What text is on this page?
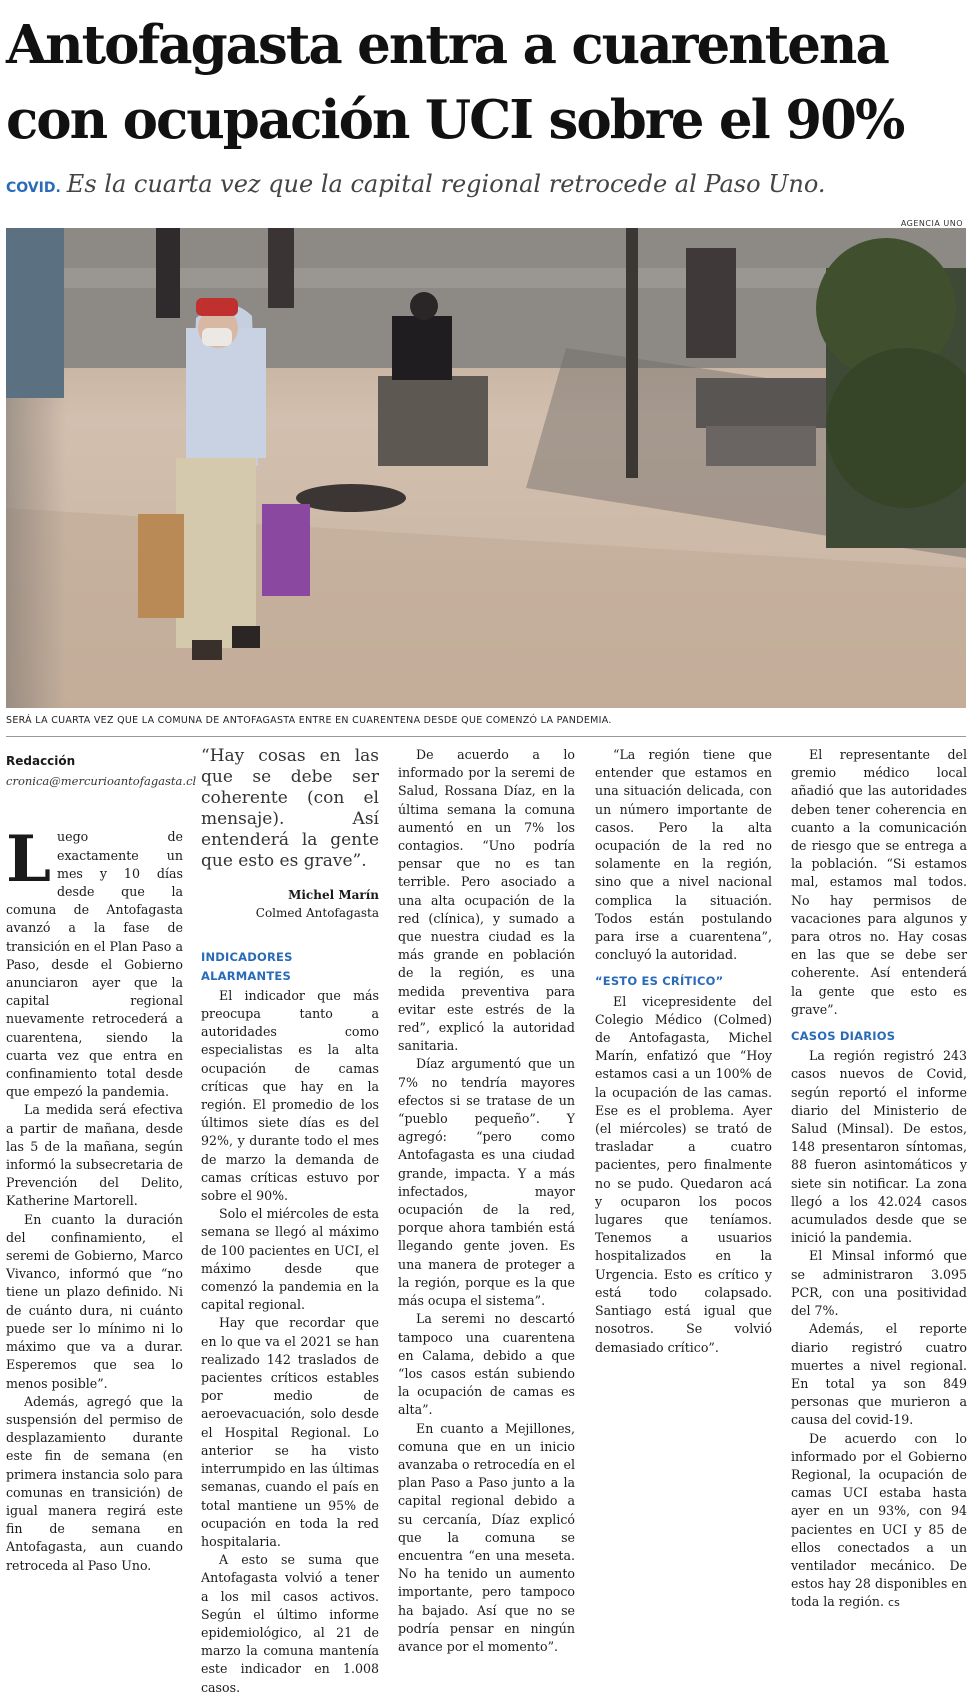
Antofagasta entra a cuarentena con ocupación UCI sobre el 90%
COVID. Es la cuarta vez que la capital regional retrocede al Paso Uno.
AGENCIA UNO
SERÁ LA CUARTA VEZ QUE LA COMUNA DE ANTOFAGASTA ENTRE EN CUARENTENA DESDE QUE COMENZÓ LA PANDEMIA.
Redacción
cronica@mercurioantofagasta.cl

Luego de exactamente un mes y 10 días desde que la comuna de Antofagasta avanzó a la fase de transición en el Plan Paso a Paso, desde el Gobierno anunciaron ayer que la capital regional nuevamente retrocederá a cuarentena, siendo la cuarta vez que entra en confinamiento total desde que empezó la pandemia.

La medida será efectiva a partir de mañana, desde las 5 de la mañana, según informó la subsecretaria de Prevención del Delito, Katherine Martorell.

En cuanto la duración del confinamiento, el seremi de Gobierno, Marco Vivanco, informó que “no tiene un plazo definido. Ni de cuánto dura, ni cuánto puede ser lo mínimo ni lo máximo que va a durar. Esperemos que sea lo menos posible”.

Además, agregó que la suspensión del permiso de desplazamiento durante este fin de semana (en primera instancia solo para comunas en transición) de igual manera regirá este fin de semana en Antofagasta, aun cuando retroceda al Paso Uno.

“Hay cosas en las que se debe ser coherente (con el mensaje). Así entenderá la gente que esto es grave”.
Michel Marín
Colmed Antofagasta
INDICADORES ALARMANTES

El indicador que más preocupa tanto a autoridades como especialistas es la alta ocupación de camas críticas que hay en la región. El promedio de los últimos siete días es del 92%, y durante todo el mes de marzo la demanda de camas críticas estuvo por sobre el 90%.

Solo el miércoles de esta semana se llegó al máximo de 100 pacientes en UCI, el máximo desde que comenzó la pandemia en la capital regional.

Hay que recordar que en lo que va el 2021 se han realizado 142 traslados de pacientes críticos estables por medio de aeroevacuación, solo desde el Hospital Regional. Lo anterior se ha visto interrumpido en las últimas semanas, cuando el país en total mantiene un 95% de ocupación en toda la red hospitalaria.

A esto se suma que Antofagasta volvió a tener a los mil casos activos. Según el último informe epidemiológico, al 21 de marzo la comuna mantenía este indicador en 1.008 casos.

De acuerdo a lo informado por la seremi de Salud, Rossana Díaz, en la última semana la comuna aumentó en un 7% los contagios. “Uno podría pensar que no es tan terrible. Pero asociado a una alta ocupación de la red (clínica), y sumado a que nuestra ciudad es la más grande en población de la región, es una medida preventiva para evitar este estrés de la red”, explicó la autoridad sanitaria.

Díaz argumentó que un 7% no tendría mayores efectos si se tratase de un “pueblo pequeño”. Y agregó: “pero como Antofagasta es una ciudad grande, impacta. Y a más infectados, mayor ocupación de la red, porque ahora también está llegando gente joven. Es una manera de proteger a la región, porque es la que más ocupa el sistema”.

La seremi no descartó tampoco una cuarentena en Calama, debido a que “los casos están subiendo la ocupación de camas es alta”.

En cuanto a Mejillones, comuna que en un inicio avanzaba o retrocedía en el plan Paso a Paso junto a la capital regional debido a su cercanía, Díaz explicó que la comuna se encuentra “en una meseta. No ha tenido un aumento importante, pero tampoco ha bajado. Así que no se podría pensar en ningún avance por el momento”.

“La región tiene que entender que estamos en una situación delicada, con un número importante de casos. Pero la alta ocupación de la red no solamente en la región, sino que a nivel nacional complica la situación. Todos están postulando para irse a cuarentena”, concluyó la autoridad.

“ESTO ES CRÍTICO”

El vicepresidente del Colegio Médico (Colmed) de Antofagasta, Michel Marín, enfatizó que “Hoy estamos casi a un 100% de la ocupación de las camas. Ese es el problema. Ayer (el miércoles) se trató de trasladar a cuatro pacientes, pero finalmente no se pudo. Quedaron acá y ocuparon los pocos lugares que teníamos. Tenemos a usuarios hospitalizados en la Urgencia. Esto es crítico y está todo colapsado. Santiago está igual que nosotros. Se volvió demasiado crítico”.

El representante del gremio médico local añadió que las autoridades deben tener coherencia en cuanto a la comunicación de riesgo que se entrega a la población. “Si estamos mal, estamos mal todos. No hay permisos de vacaciones para algunos y para otros no. Hay cosas en las que se debe ser coherente. Así entenderá la gente que esto es grave”.

CASOS DIARIOS

La región registró 243 casos nuevos de Covid, según reportó el informe diario del Ministerio de Salud (Minsal). De estos, 148 presentaron síntomas, 88 fueron asintomáticos y siete sin notificar. La zona llegó a los 42.024 casos acumulados desde que se inició la pandemia.

El Minsal informó que se administraron 3.095 PCR, con una positividad del 7%.

Además, el reporte diario registró cuatro muertes a nivel regional. En total ya son 849 personas que murieron a causa del covid-19.

De acuerdo con lo informado por el Gobierno Regional, la ocupación de camas UCI estaba hasta ayer en un 93%, con 94 pacientes en UCI y 85 de ellos conectados a un ventilador mecánico. De estos hay 28 disponibles en toda la región. cs
